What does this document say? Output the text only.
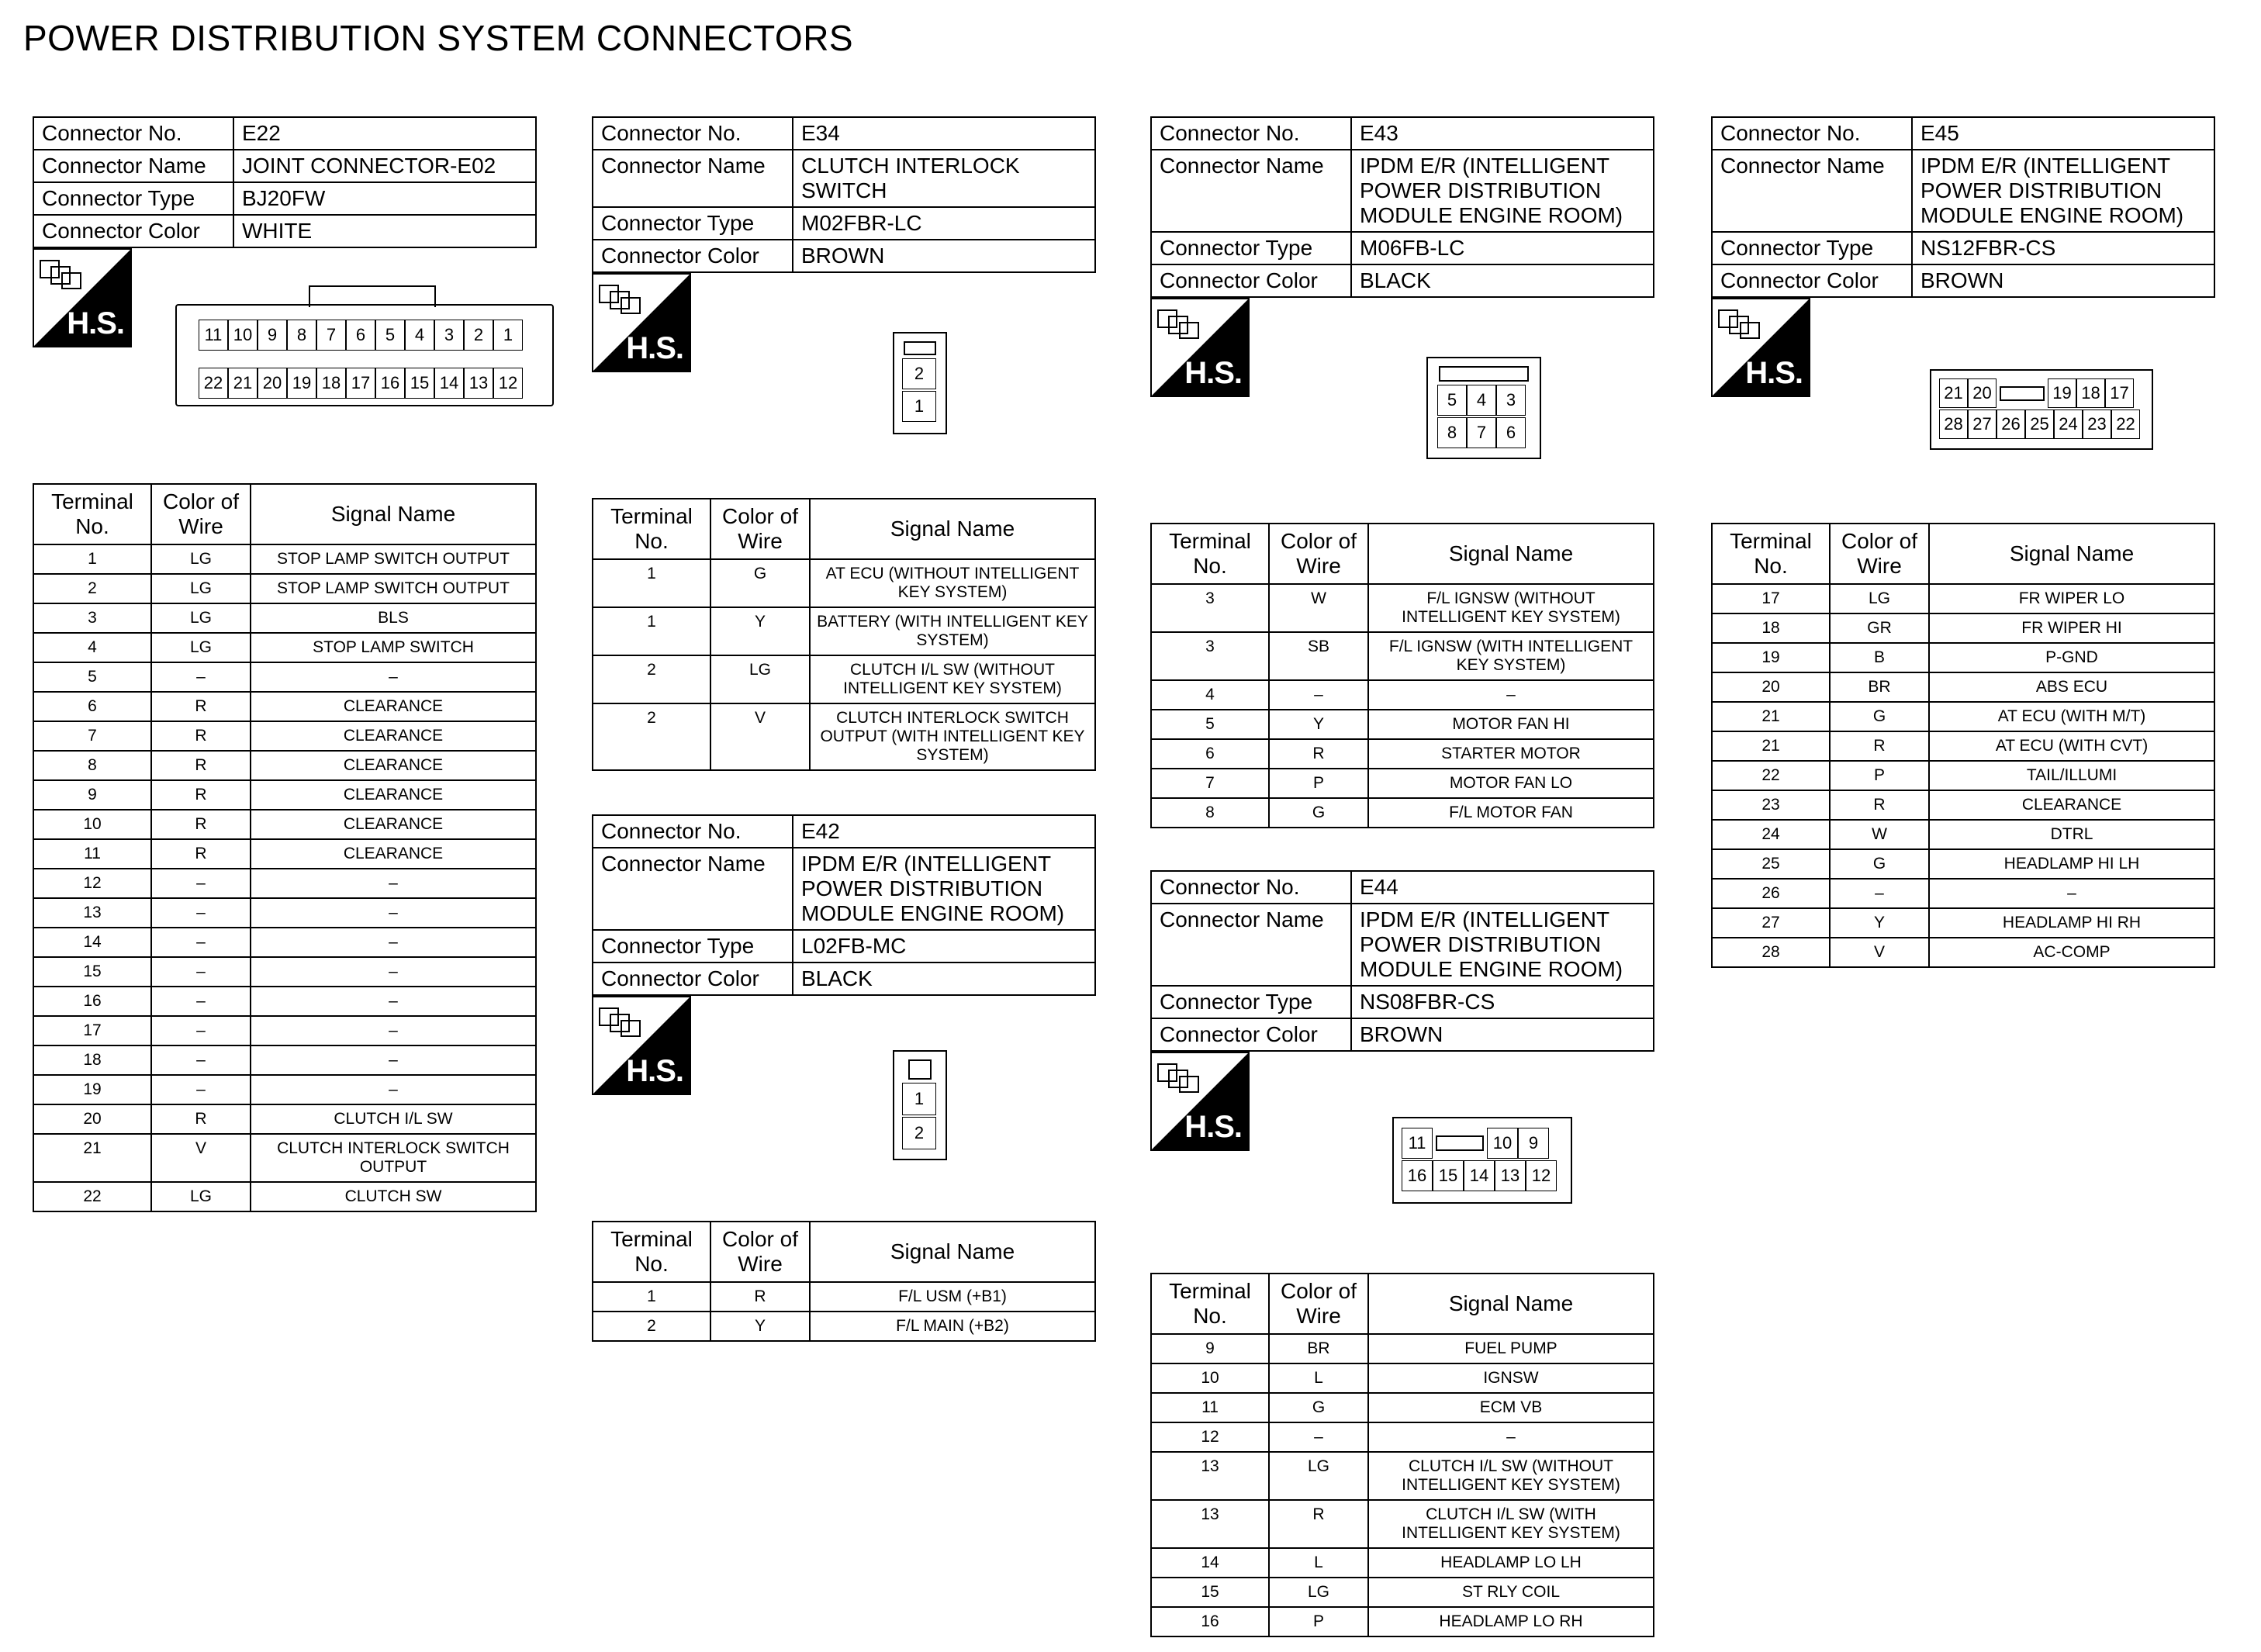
POWER DISTRIBUTION SYSTEM CONNECTORS
Connector No.	E22
Connector Name	JOINT CONNECTOR-E02
Connector Type	BJ20FW
Connector Color	WHITE
H.S.	11 10 9	8	7	6	5	4	3	2	1
22 21 20 19 18 17 16 15 14 13 12
Terminal No.	Color of Wire	Signal Name
1	LG	STOP LAMP SWITCH OUTPUT
2	LG	STOP LAMP SWITCH OUTPUT
3	LG	BLS
4	LG	STOP LAMP SWITCH
5	–	–
6	R	CLEARANCE
7	R	CLEARANCE
8	R	CLEARANCE
9	R	CLEARANCE
10	R	CLEARANCE
11	R	CLEARANCE
12	–	–
13	–	–
14	–	–
15	–	–
16	–	–
17	–	–
18	–	–
19	–	–
20	R	CLUTCH I/L SW
21	V	CLUTCH INTERLOCK SWITCH OUTPUT
22	LG	CLUTCH SW
Connector No.	E34
Connector Name	CLUTCH INTERLOCK SWITCH
Connector Type	M02FBR-LC
Connector Color	BROWN
H.S.
2
1
Terminal No.	Color of Wire	Signal Name
1	G	AT ECU (WITHOUT INTELLIGENT KEY SYSTEM)
1	Y	BATTERY (WITH INTELLIGENT KEY SYSTEM)
2	LG	CLUTCH I/L SW (WITHOUT INTELLIGENT KEY SYSTEM)
2	V	CLUTCH INTERLOCK SWITCH OUTPUT (WITH INTELLIGENT KEY SYSTEM)
Connector No.	E42
Connector Name	IPDM E/R (INTELLIGENT POWER DISTRIBUTION MODULE ENGINE ROOM)
Connector Type	L02FB-MC
Connector Color	BLACK
H.S.
1
2
Terminal No.	Color of Wire	Signal Name
1	R	F/L USM (+B1)
2	Y	F/L MAIN (+B2)
Connector No.	E43
Connector Name	IPDM E/R (INTELLIGENT POWER DISTRIBUTION MODULE ENGINE ROOM)
Connector Type	M06FB-LC
Connector Color	BLACK
H.S.
5	4	3
8	7	6
Terminal No.	Color of Wire	Signal Name
3	W	F/L IGNSW (WITHOUT INTELLIGENT KEY SYSTEM)
3	SB	F/L IGNSW (WITH INTELLIGENT KEY SYSTEM)
4	–	–
5	Y	MOTOR FAN HI
6	R	STARTER MOTOR
7	P	MOTOR FAN LO
8	G	F/L MOTOR FAN
Connector No.	E44
Connector Name	IPDM E/R (INTELLIGENT POWER DISTRIBUTION MODULE ENGINE ROOM)
Connector Type	NS08FBR-CS
Connector Color	BROWN
H.S.	11	10 9
16 15 14 13 12
Terminal No.	Color of Wire	Signal Name
9	BR	FUEL PUMP
10	L	IGNSW
11	G	ECM VB
12	–	–
13	LG	CLUTCH I/L SW (WITHOUT INTELLIGENT KEY SYSTEM)
13	R	CLUTCH I/L SW (WITH INTELLIGENT KEY SYSTEM)
14	L	HEADLAMP LO LH
15	LG	ST RLY COIL
16	P	HEADLAMP LO RH
Connector No.	E45
Connector Name	IPDM E/R (INTELLIGENT POWER DISTRIBUTION MODULE ENGINE ROOM)
Connector Type	NS12FBR-CS
Connector Color	BROWN
H.S.
21 20	19 18 17
28 27 26 25 24 23 22
Terminal No.	Color of Wire	Signal Name
17	LG	FR WIPER LO
18	GR	FR WIPER HI
19	B	P-GND
20	BR	ABS ECU
21	G	AT ECU (WITH M/T)
21	R	AT ECU (WITH CVT)
22	P	TAIL/ILLUMI
23	R	CLEARANCE
24	W	DTRL
25	G	HEADLAMP HI LH
26	–	–
27	Y	HEADLAMP HI RH
28	V	AC-COMP
